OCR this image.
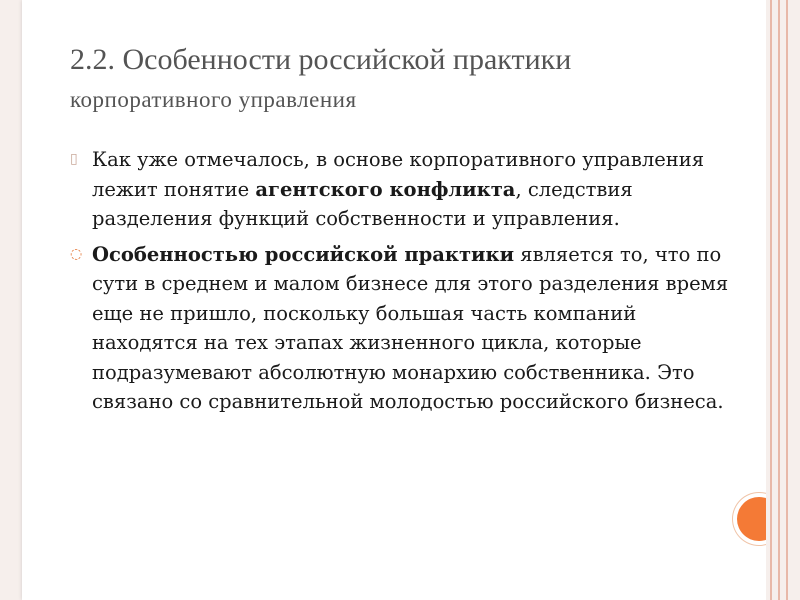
2.2. Особенности российской практики
корпоративного управления
▯ Как уже отмечалось, в основе корпоративного управления лежит понятие агентского конфликта, следствия разделения функций собственности и управления.
◌ Особенностью российской практики является то, что по сути в среднем и малом бизнесе для этого разделения время еще не пришло, поскольку большая часть компаний находятся на тех этапах жизненного цикла, которые подразумевают абсолютную монархию собственника. Это связано со сравнительной молодостью российского бизнеса.
